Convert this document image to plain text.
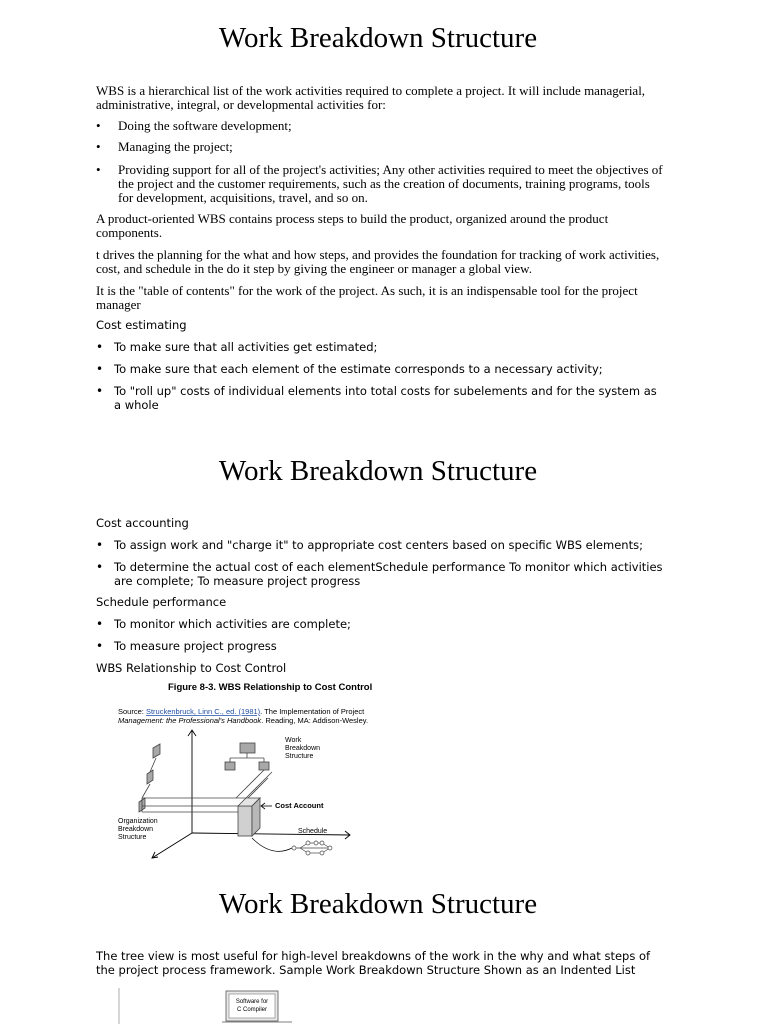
Work Breakdown Structure

WBS is a hierarchical list of the work activities required to complete a project. It will include managerial, administrative, integral, or developmental activities for:

• Doing the software development;
• Managing the project;
• Providing support for all of the project's activities; Any other activities required to meet the objectives of the project and the customer requirements, such as the creation of documents, training programs, tools for development, acquisitions, travel, and so on.

A product-oriented WBS contains process steps to build the product, organized around the product components.

t drives the planning for the what and how steps, and provides the foundation for tracking of work activities, cost, and schedule in the do it step by giving the engineer or manager a global view.

It is the "table of contents" for the work of the project. As such, it is an indispensable tool for the project manager

Cost estimating

• To make sure that all activities get estimated;
• To make sure that each element of the estimate corresponds to a necessary activity;
• To "roll up" costs of individual elements into total costs for subelements and for the system as a whole
Work Breakdown Structure

Cost accounting

• To assign work and "charge it" to appropriate cost centers based on specific WBS elements;
• To determine the actual cost of each elementSchedule performance To monitor which activities are complete; To measure project progress

Schedule performance

• To monitor which activities are complete;
• To measure project progress

WBS Relationship to Cost Control

Figure 8-3. WBS Relationship to Cost Control
Source: Struckenbruck, Linn C., ed. (1981). The Implementation of Project
Management: the Professional's Handbook. Reading, MA: Addison-Wesley.
Work
Breakdown
Structure
Cost Account
Organization
Breakdown
Structure
Schedule
Work Breakdown Structure

The tree view is most useful for high-level breakdowns of the work in the why and what steps of the project process framework. Sample Work Breakdown Structure Shown as an Indented List

Software for
C Compiler
